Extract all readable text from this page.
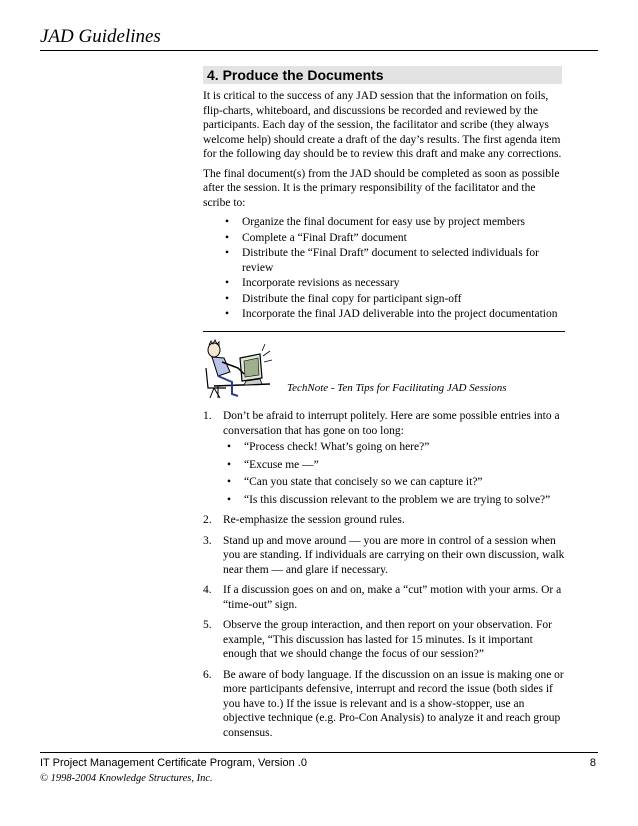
JAD Guidelines
4. Produce the Documents

It is critical to the success of any JAD session that the information on foils, flip-charts, whiteboard, and discussions be recorded and reviewed by the participants. Each day of the session, the facilitator and scribe (they always welcome help) should create a draft of the day’s results. The first agenda item for the following day should be to review this draft and make any corrections.

The final document(s) from the JAD should be completed as soon as possible after the session. It is the primary responsibility of the facilitator and the scribe to:

• Organize the final document for easy use by project members
• Complete a “Final Draft” document
• Distribute the “Final Draft” document to selected individuals for review
• Incorporate revisions as necessary
• Distribute the final copy for participant sign-off
• Incorporate the final JAD deliverable into the project documentation
TechNote - Ten Tips for Facilitating JAD Sessions
1. Don’t be afraid to interrupt politely. Here are some possible entries into a conversation that has gone on too long:
• “Process check! What’s going on here?”
• “Excuse me —”
• “Can you state that concisely so we can capture it?”
• “Is this discussion relevant to the problem we are trying to solve?”
2. Re-emphasize the session ground rules.
3. Stand up and move around — you are more in control of a session when you are standing. If individuals are carrying on their own discussion, walk near them — and glare if necessary.
4. If a discussion goes on and on, make a “cut” motion with your arms. Or a “time-out” sign.
5. Observe the group interaction, and then report on your observation. For example, “This discussion has lasted for 15 minutes. Is it important enough that we should change the focus of our session?”
6. Be aware of body language. If the discussion on an issue is making one or more participants defensive, interrupt and record the issue (both sides if you have to.) If the issue is relevant and is a show-stopper, use an objective technique (e.g. Pro-Con Analysis) to analyze it and reach group consensus.
IT Project Management Certificate Program, Version .0	8
© 1998-2004 Knowledge Structures, Inc.
